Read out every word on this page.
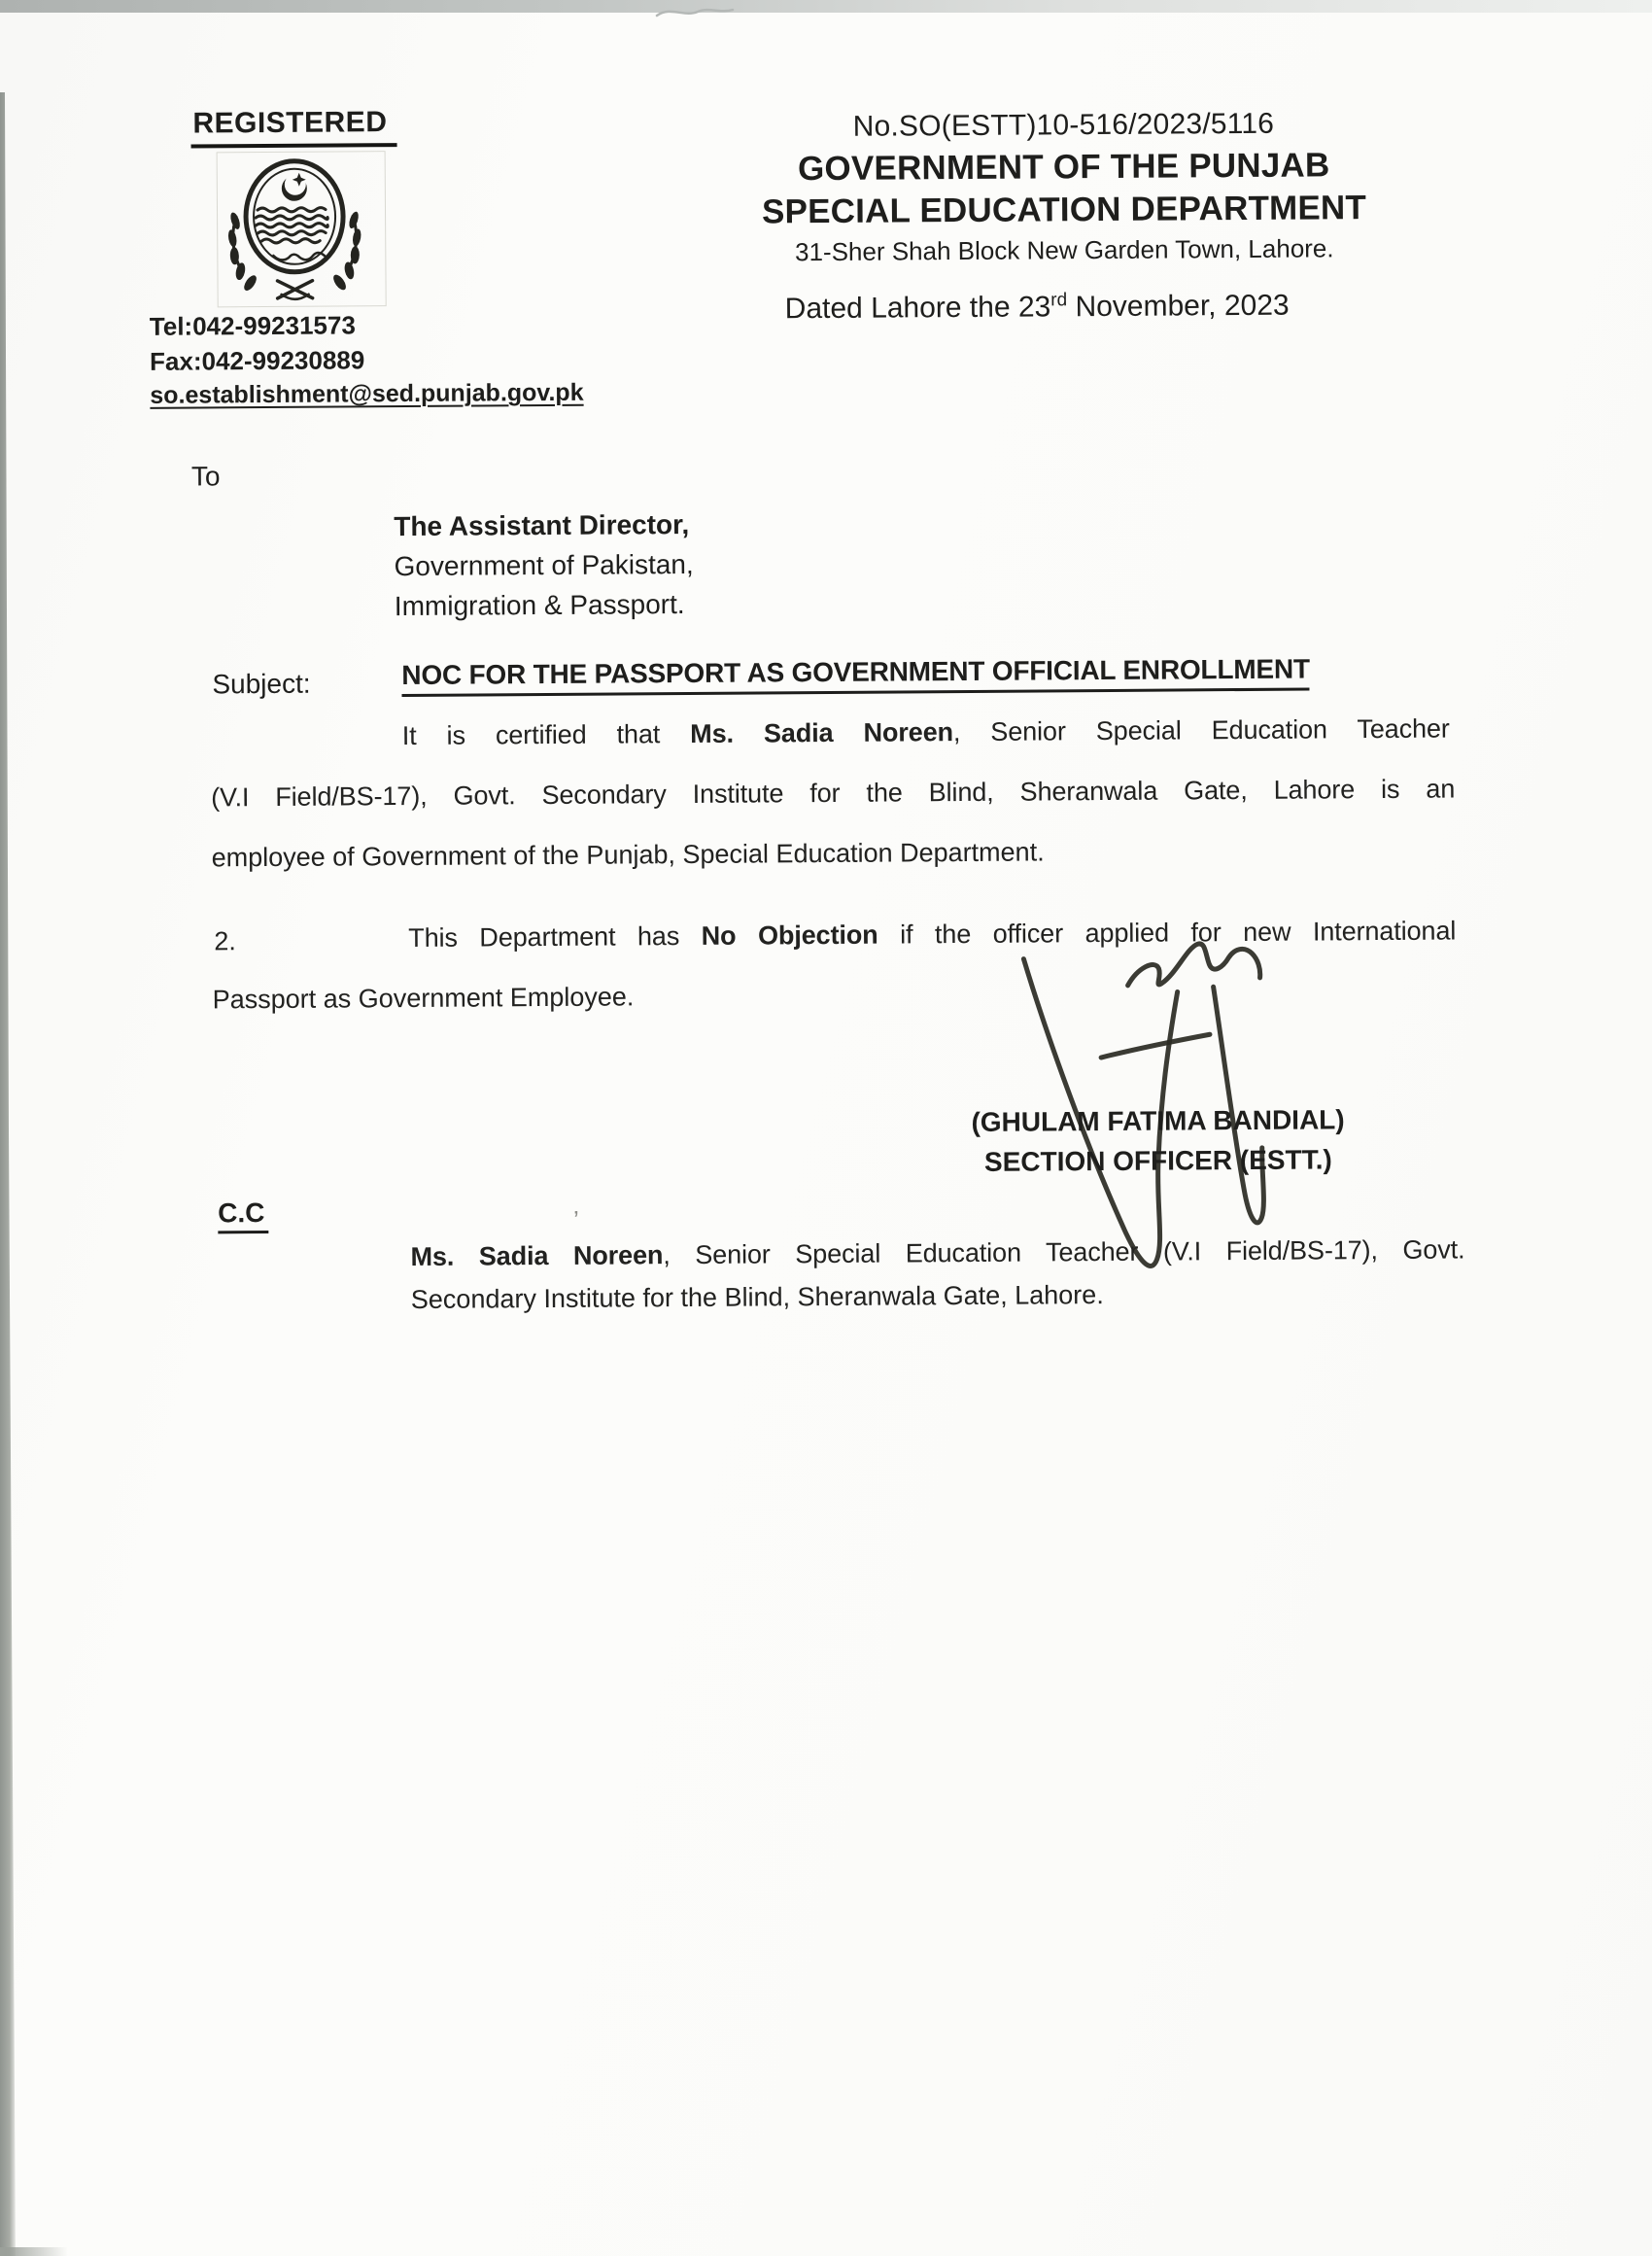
’
REGISTERED
Tel:042-99231573
Fax:042-99230889
so.establishment@sed.punjab.gov.pk
No.SO(ESTT)10-516/2023/5116
GOVERNMENT OF THE PUNJAB
SPECIAL EDUCATION DEPARTMENT
31-Sher Shah Block New Garden Town, Lahore.
Dated Lahore the 23rd November, 2023
To
The Assistant Director,
Government of Pakistan,
Immigration & Passport.
Subject:	NOC FOR THE PASSPORT AS GOVERNMENT OFFICIAL ENROLLMENT
It is certified that Ms. Sadia Noreen, Senior Special Education Teacher
(V.I Field/BS-17), Govt. Secondary Institute for the Blind, Sheranwala Gate, Lahore is an
employee of Government of the Punjab, Special Education Department.
2.	This Department has No Objection if the officer applied for new International
Passport as Government Employee.
(GHULAM FATIMA BANDIAL)
SECTION OFFICER (ESTT.)
C.C
Ms. Sadia Noreen, Senior Special Education Teacher (V.I Field/BS-17), Govt.
Secondary Institute for the Blind, Sheranwala Gate, Lahore.
